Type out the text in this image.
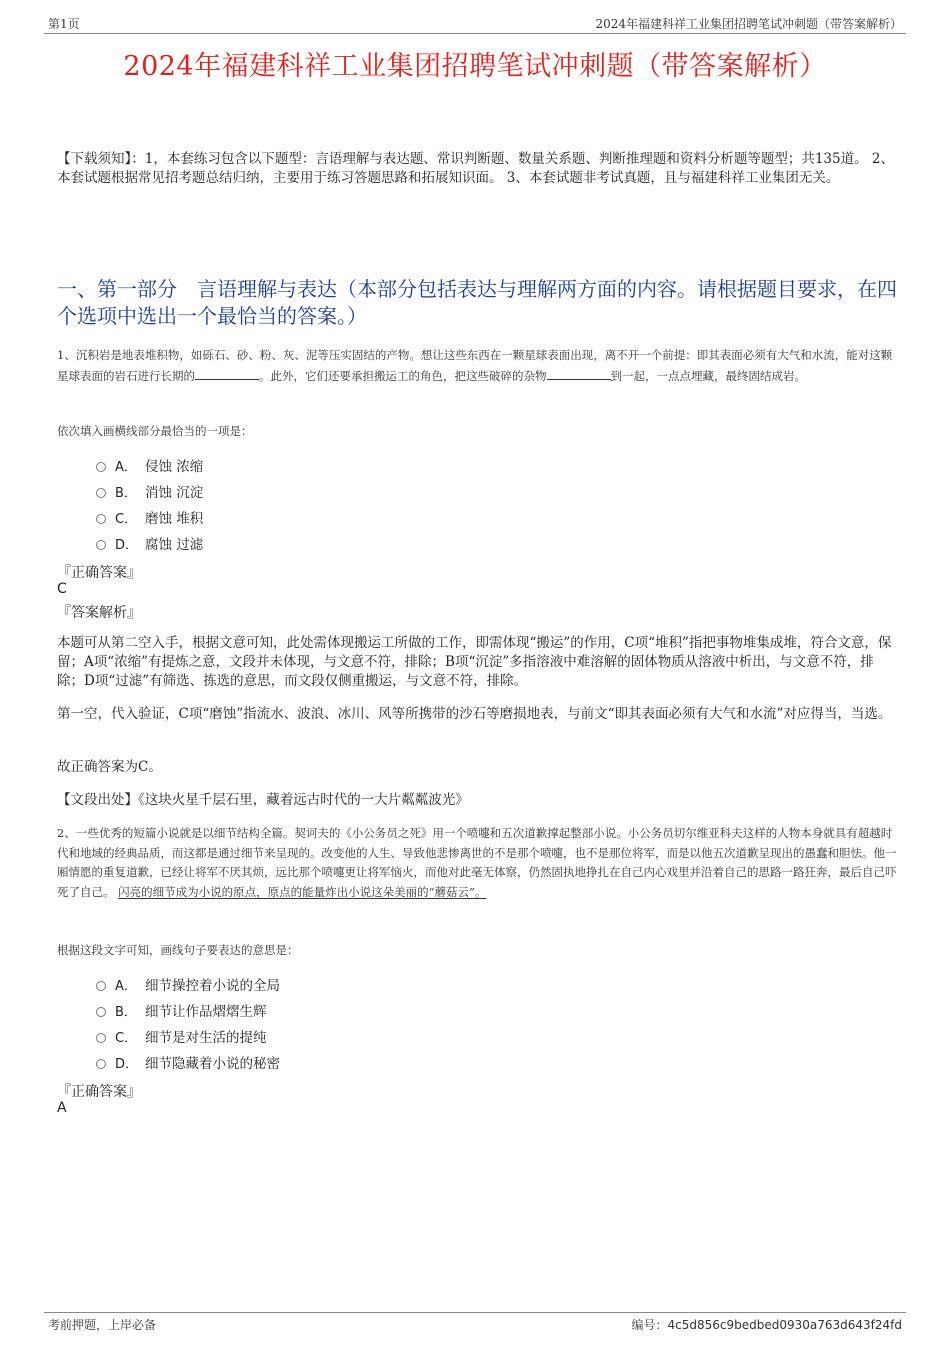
第1页	2024年福建科祥工业集团招聘笔试冲刺题（带答案解析）
2024年福建科祥工业集团招聘笔试冲刺题（带答案解析）
【下载须知】：1，本套练习包含以下题型：言语理解与表达题、常识判断题、数量关系题、判断推理题和资料分析题等题型；共135道。 2、本套试题根据常见招考题总结归纳，主要用于练习答题思路和拓展知识面。 3、本套试题非考试真题，且与福建科祥工业集团无关。
一、第一部分　言语理解与表达（本部分包括表达与理解两方面的内容。请根据题目要求，在四个选项中选出一个最恰当的答案。）
1、沉积岩是地表堆积物，如砾石、砂、粉、灰、泥等压实固结的产物。想让这些东西在一颗星球表面出现，离不开一个前提：即其表面必须有大气和水流，能对这颗星球表面的岩石进行长期的	。此外，它们还要承担搬运工的角色，把这些破碎的杂物	到一起，一点点埋藏，最终固结成岩。
依次填入画横线部分最恰当的一项是：
A． 侵蚀 浓缩
B． 消蚀 沉淀
C． 磨蚀 堆积
D． 腐蚀 过滤
『正确答案』
C
『答案解析』
本题可从第二空入手，根据文意可知，此处需体现搬运工所做的工作，即需体现“搬运”的作用，C项“堆积”指把事物堆集成堆，符合文意，保留；A项“浓缩”有提炼之意，文段并未体现，与文意不符，排除；B项“沉淀”多指溶液中难溶解的固体物质从溶液中析出，与文意不符，排除；D项“过滤”有筛选、拣选的意思，而文段仅侧重搬运，与文意不符，排除。
第一空，代入验证，C项“磨蚀”指流水、波浪、冰川、风等所携带的沙石等磨损地表，与前文“即其表面必须有大气和水流”对应得当，当选。
故正确答案为C。
【文段出处】《这块火星千层石里，藏着远古时代的一大片粼粼波光》
2、一些优秀的短篇小说就是以细节结构全篇。契诃夫的《小公务员之死》用一个喷嚏和五次道歉撑起整部小说。小公务员切尔维亚科夫这样的人物本身就具有超越时代和地域的经典品质，而这都是通过细节来呈现的。改变他的人生、导致他悲惨离世的不是那个喷嚏，也不是那位将军，而是以他五次道歉呈现出的愚蠢和胆怯。他一厢情愿的重复道歉，已经让将军不厌其烦，远比那个喷嚏更让将军恼火，而他对此毫无体察，仍然固执地挣扎在自己内心戏里并沿着自己的思路一路狂奔，最后自己吓死了自己。 闪亮的细节成为小说的原点，原点的能量炸出小说这朵美丽的“蘑菇云”。
根据这段文字可知，画线句子要表达的意思是：
A． 细节操控着小说的全局
B． 细节让作品熠熠生辉
C． 细节是对生活的提纯
D． 细节隐藏着小说的秘密
『正确答案』
A
考前押题，上岸必备	编号：4c5d856c9bedbed0930a763d643f24fd
